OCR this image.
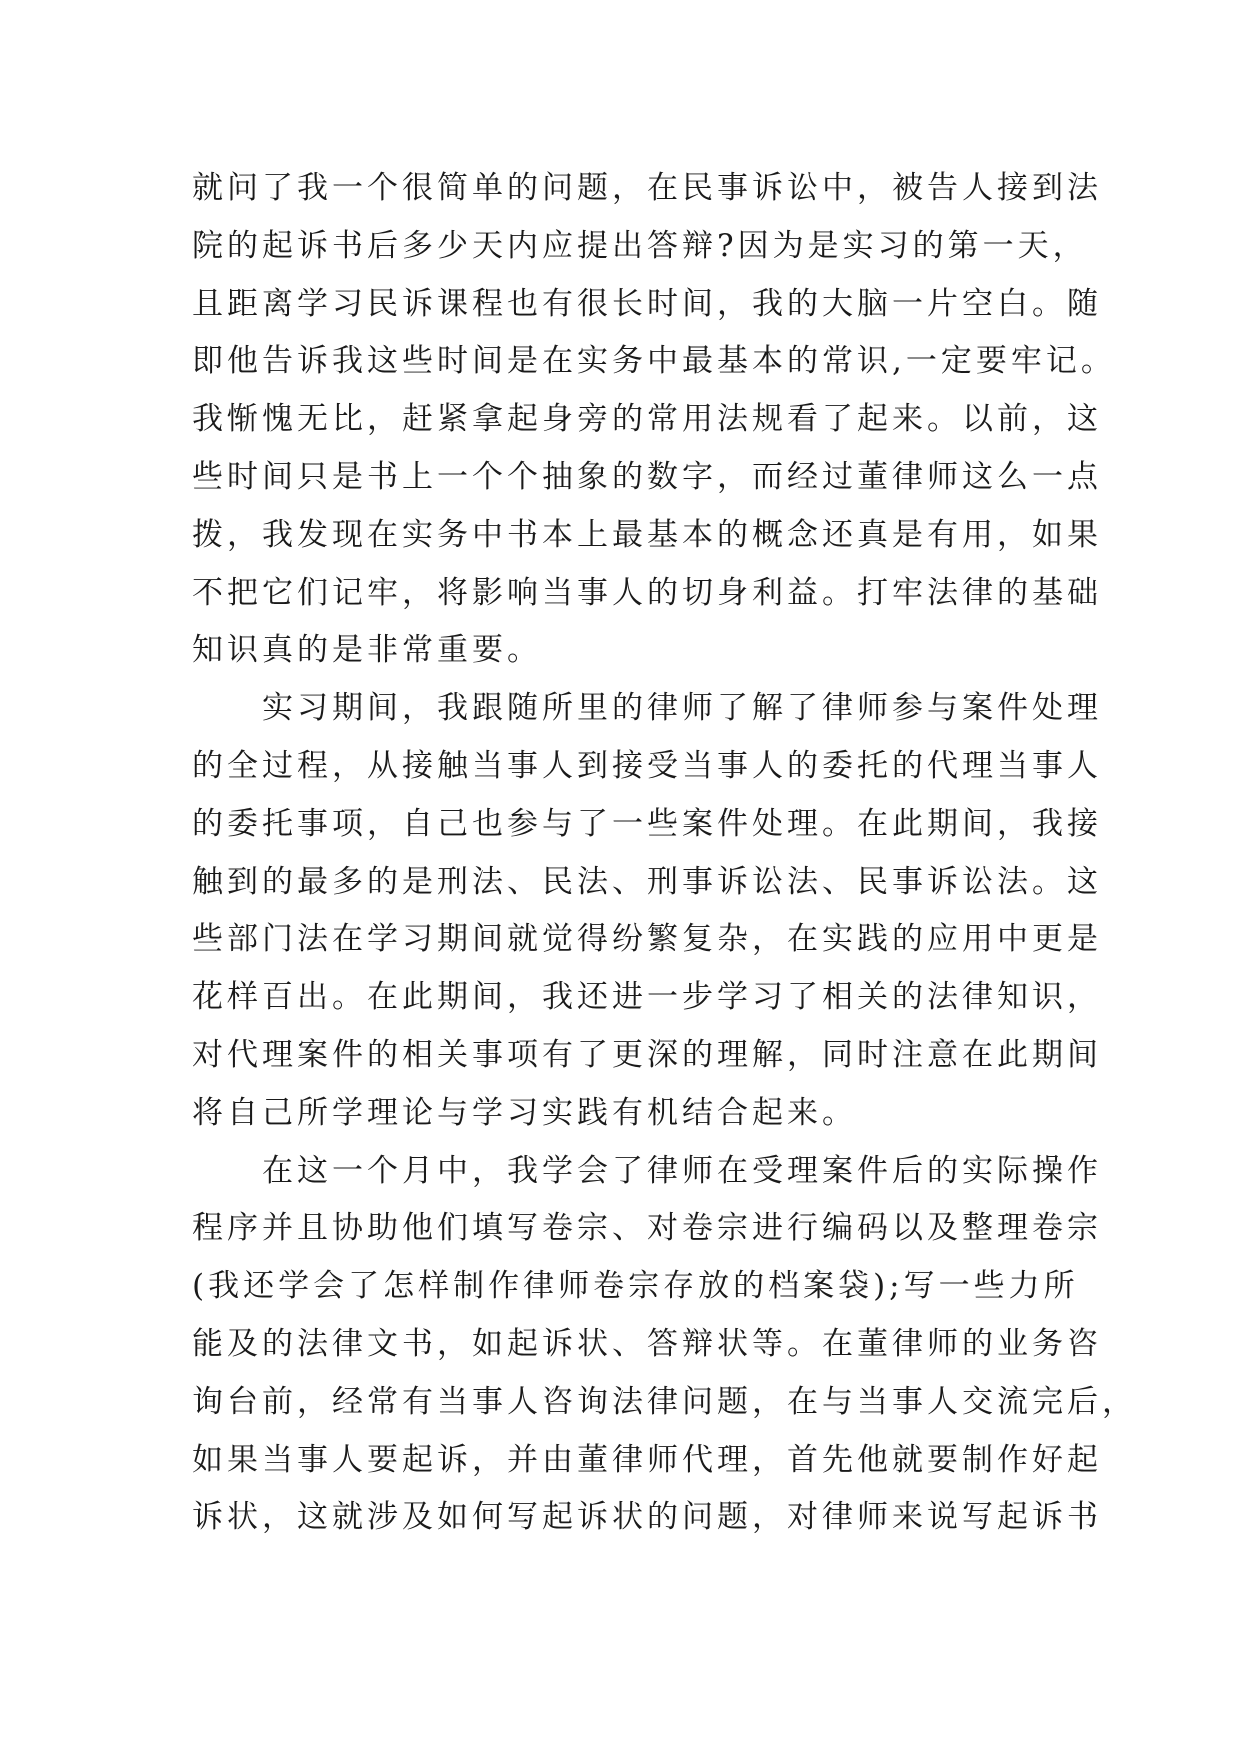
就问了我一个很简单的问题，在民事诉讼中，被告人接到法
院的起诉书后多少天内应提出答辩?因为是实习的第一天，
且距离学习民诉课程也有很长时间，我的大脑一片空白。随
即他告诉我这些时间是在实务中最基本的常识,一定要牢记。
我惭愧无比，赶紧拿起身旁的常用法规看了起来。以前，这
些时间只是书上一个个抽象的数字，而经过董律师这么一点
拨，我发现在实务中书本上最基本的概念还真是有用，如果
不把它们记牢，将影响当事人的切身利益。打牢法律的基础
知识真的是非常重要。
实习期间，我跟随所里的律师了解了律师参与案件处理
的全过程，从接触当事人到接受当事人的委托的代理当事人
的委托事项，自己也参与了一些案件处理。在此期间，我接
触到的最多的是刑法、民法、刑事诉讼法、民事诉讼法。这
些部门法在学习期间就觉得纷繁复杂，在实践的应用中更是
花样百出。在此期间，我还进一步学习了相关的法律知识，
对代理案件的相关事项有了更深的理解，同时注意在此期间
将自己所学理论与学习实践有机结合起来。
在这一个月中，我学会了律师在受理案件后的实际操作
程序并且协助他们填写卷宗、对卷宗进行编码以及整理卷宗
(我还学会了怎样制作律师卷宗存放的档案袋);写一些力所
能及的法律文书，如起诉状、答辩状等。在董律师的业务咨
询台前，经常有当事人咨询法律问题，在与当事人交流完后，
如果当事人要起诉，并由董律师代理，首先他就要制作好起
诉状，这就涉及如何写起诉状的问题，对律师来说写起诉书
